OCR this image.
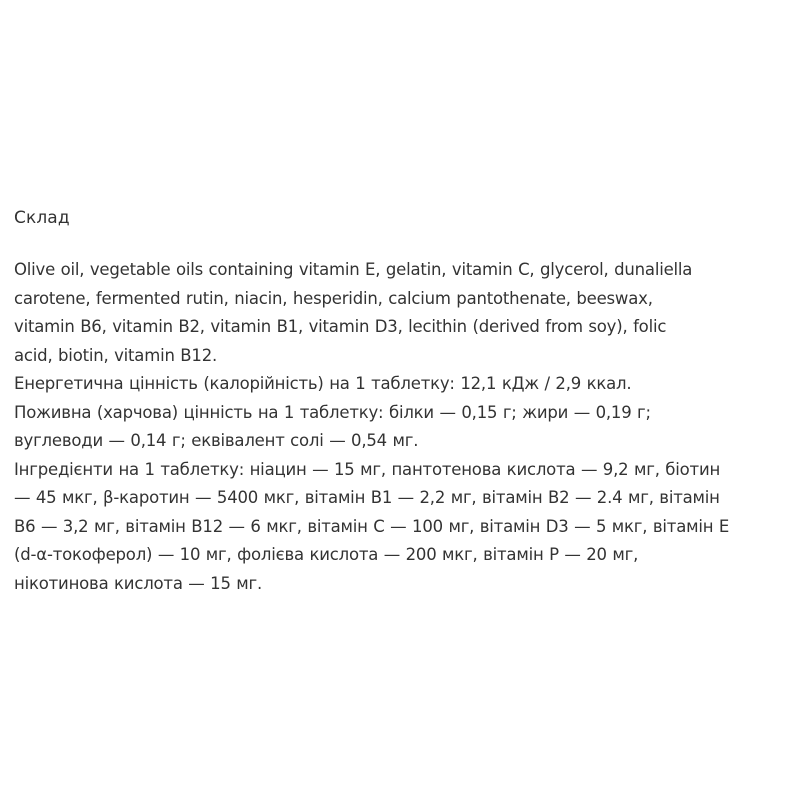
Склад
Olive oil, vegetable oils containing vitamin E, gelatin, vitamin C, glycerol, dunaliella
carotene, fermented rutin, niacin, hesperidin, calcium pantothenate, beeswax,
vitamin B6, vitamin B2, vitamin B1, vitamin D3, lecithin (derived from soy), folic
acid, biotin, vitamin B12.
Енергетична цінність (калорійність) на 1 таблетку: 12,1 кДж / 2,9 ккал.
Поживна (харчова) цінність на 1 таблетку: білки — 0,15 г; жири — 0,19 г;
вуглеводи — 0,14 г; еквівалент солі — 0,54 мг.
Інгредієнти на 1 таблетку: ніацин — 15 мг, пантотенова кислота — 9,2 мг, біотин
— 45 мкг, β-каротин — 5400 мкг, вітамін В1 — 2,2 мг, вітамін В2 — 2.4 мг, вітамін
В6 — 3,2 мг, вітамін В12 — 6 мкг, вітамін С — 100 мг, вітамін D3 — 5 мкг, вітамін Е
(d-α-токоферол) — 10 мг, фолієва кислота — 200 мкг, вітамін Р — 20 мг,
нікотинова кислота — 15 мг.
